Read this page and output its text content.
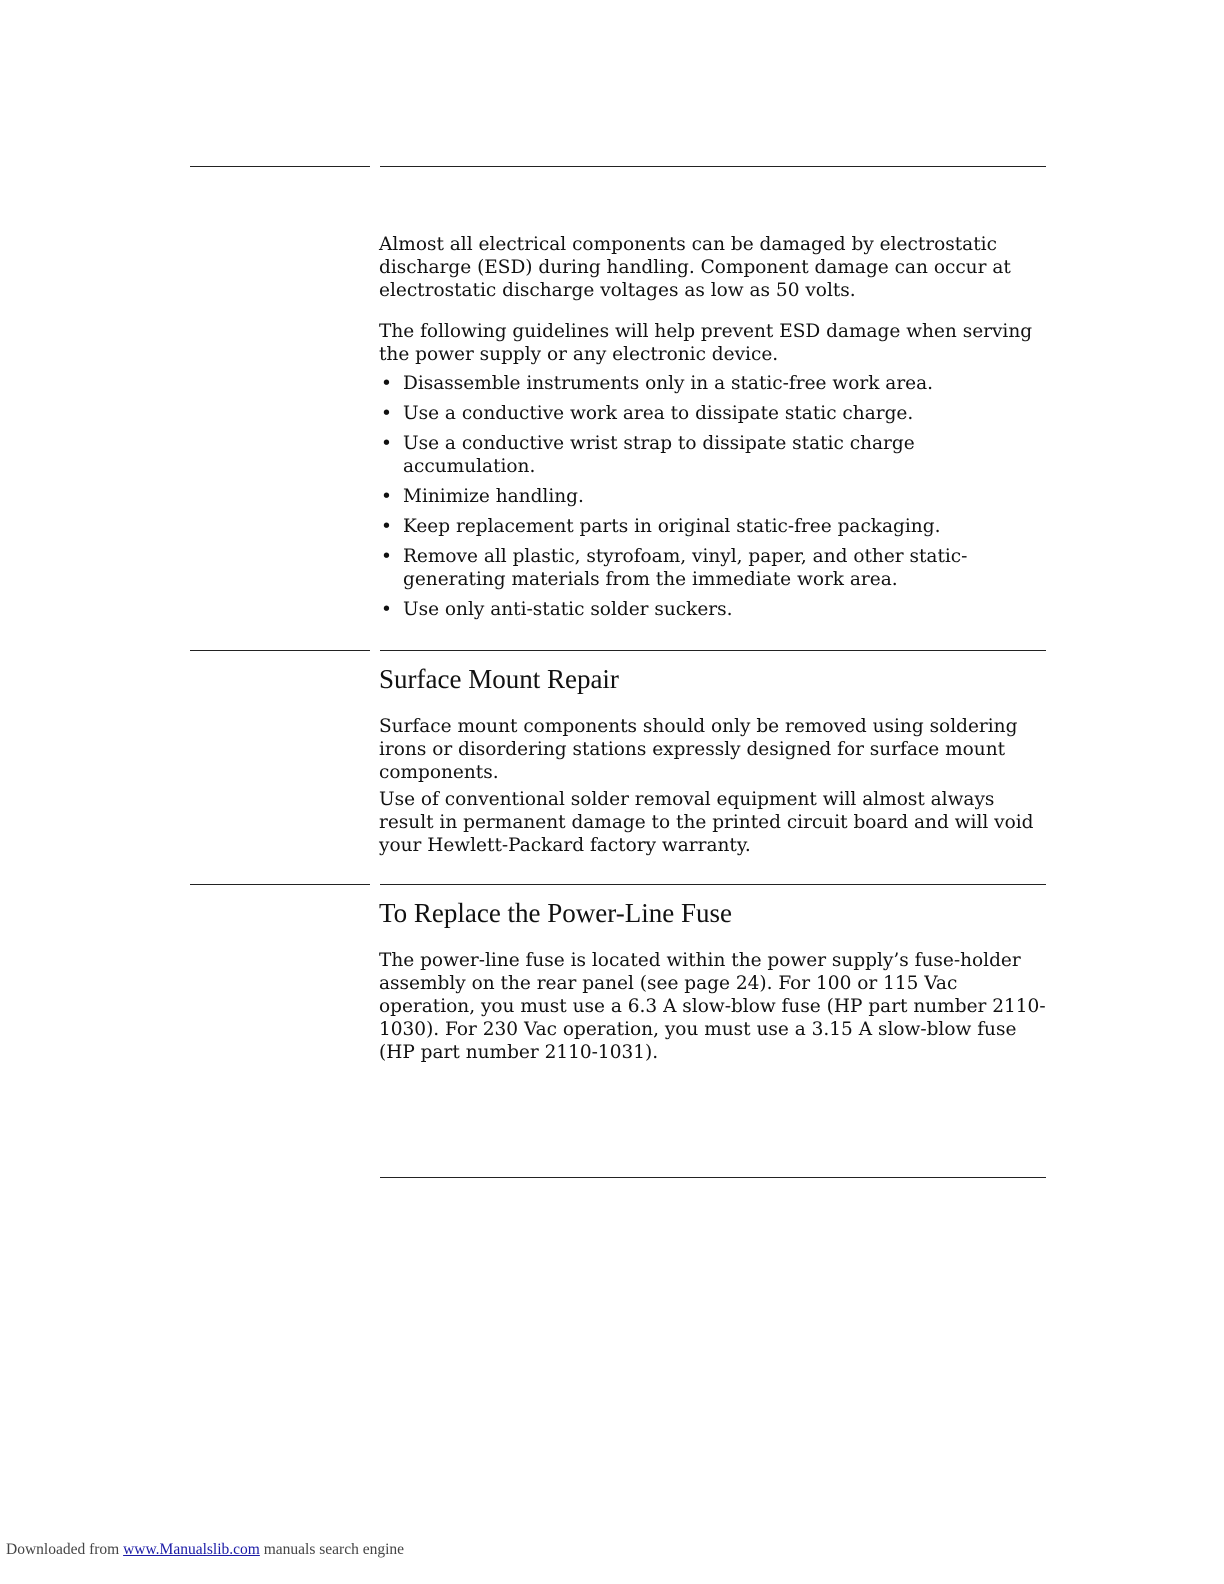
Almost all electrical components can be damaged by electrostatic discharge (ESD) during handling. Component damage can occur at electrostatic discharge voltages as low as 50 volts.

The following guidelines will help prevent ESD damage when serving the power supply or any electronic device.

• Disassemble instruments only in a static-free work area.
• Use a conductive work area to dissipate static charge.
• Use a conductive wrist strap to dissipate static charge accumulation.
• Minimize handling.
• Keep replacement parts in original static-free packaging.
• Remove all plastic, styrofoam, vinyl, paper, and other static-generating materials from the immediate work area.
• Use only anti-static solder suckers.
Surface Mount Repair

Surface mount components should only be removed using soldering irons or disordering stations expressly designed for surface mount components.

Use of conventional solder removal equipment will almost always result in permanent damage to the printed circuit board and will void your Hewlett-Packard factory warranty.

To Replace the Power-Line Fuse

The power-line fuse is located within the power supply’s fuse-holder assembly on the rear panel (see page 24). For 100 or 115 Vac operation, you must use a 6.3 A slow-blow fuse (HP part number 2110-1030). For 230 Vac operation, you must use a 3.15 A slow-blow fuse (HP part number 2110-1031).

Downloaded from www.Manualslib.com manuals search engine
